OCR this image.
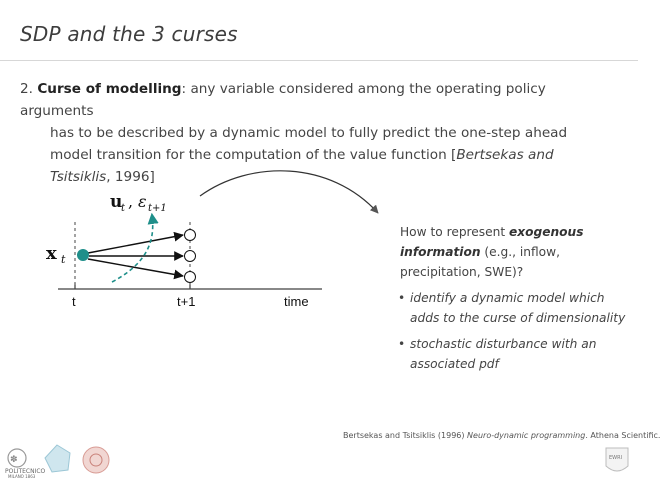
SDP and the 3 curses
2. Curse of modelling: any variable considered among the operating policy arguments
has to be described by a dynamic model to fully predict the one-step ahead
model transition for the computation of the value function [Bertsekas and
Tsitsiklis, 1996]
x t
u
t , ε t+1
t	t+1	time
✽
How to represent exogenous
information (e.g., inflow,
precipitation, SWE)?
• identify a dynamic model which adds to the curse of dimensionality
• stochastic disturbance with an associated pdf
Bertsekas and Tsitsiklis (1996) Neuro-dynamic programming. Athena Scientific.
POLITECNICO
MILANO 1863
EWRI
